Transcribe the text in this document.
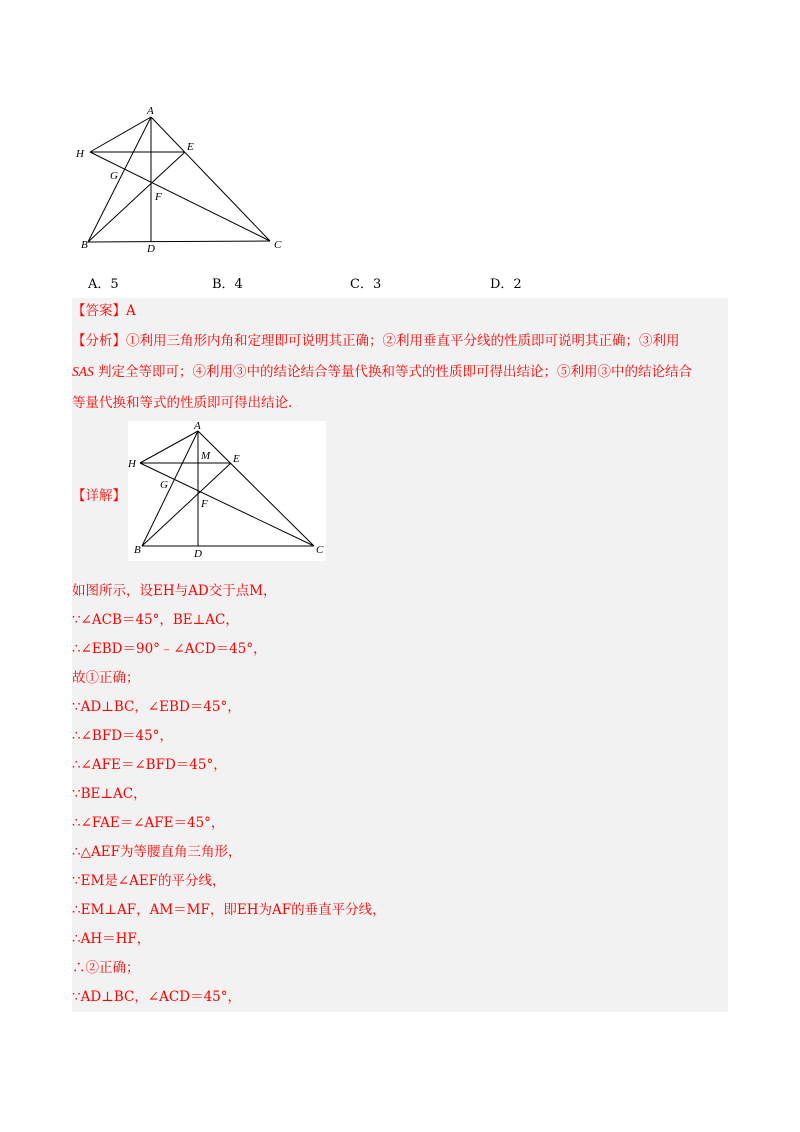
A
B	C
D
E
F
G
H
A．5	B．4	C．3	D．2
【答案】A
【分析】①利用三角形内角和定理即可说明其正确；②利用垂直平分线的性质即可说明其正确；③利用
SAS 判定全等即可；④利用③中的结论结合等量代换和等式的性质即可得出结论；⑤利用③中的结论结合
等量代换和等式的性质即可得出结论.
【详解】
A
B	C
D
E
F
G
H
M
如图所示，设EH与AD交于点M，
∵∠ACB＝45°，BE⊥AC，
∴∠EBD＝90°﹣∠ACD＝45°，
故①正确；
∵AD⊥BC，∠EBD＝45°，
∴∠BFD＝45°，
∴∠AFE＝∠BFD＝45°，
∵BE⊥AC，
∴∠FAE＝∠AFE＝45°，
∴△AEF为等腰直角三角形，
∵EM是∠AEF的平分线，
∴EM⊥AF，AM＝MF，即EH为AF的垂直平分线，
∴AH＝HF，
∴②正确；
∵AD⊥BC，∠ACD＝45°，
